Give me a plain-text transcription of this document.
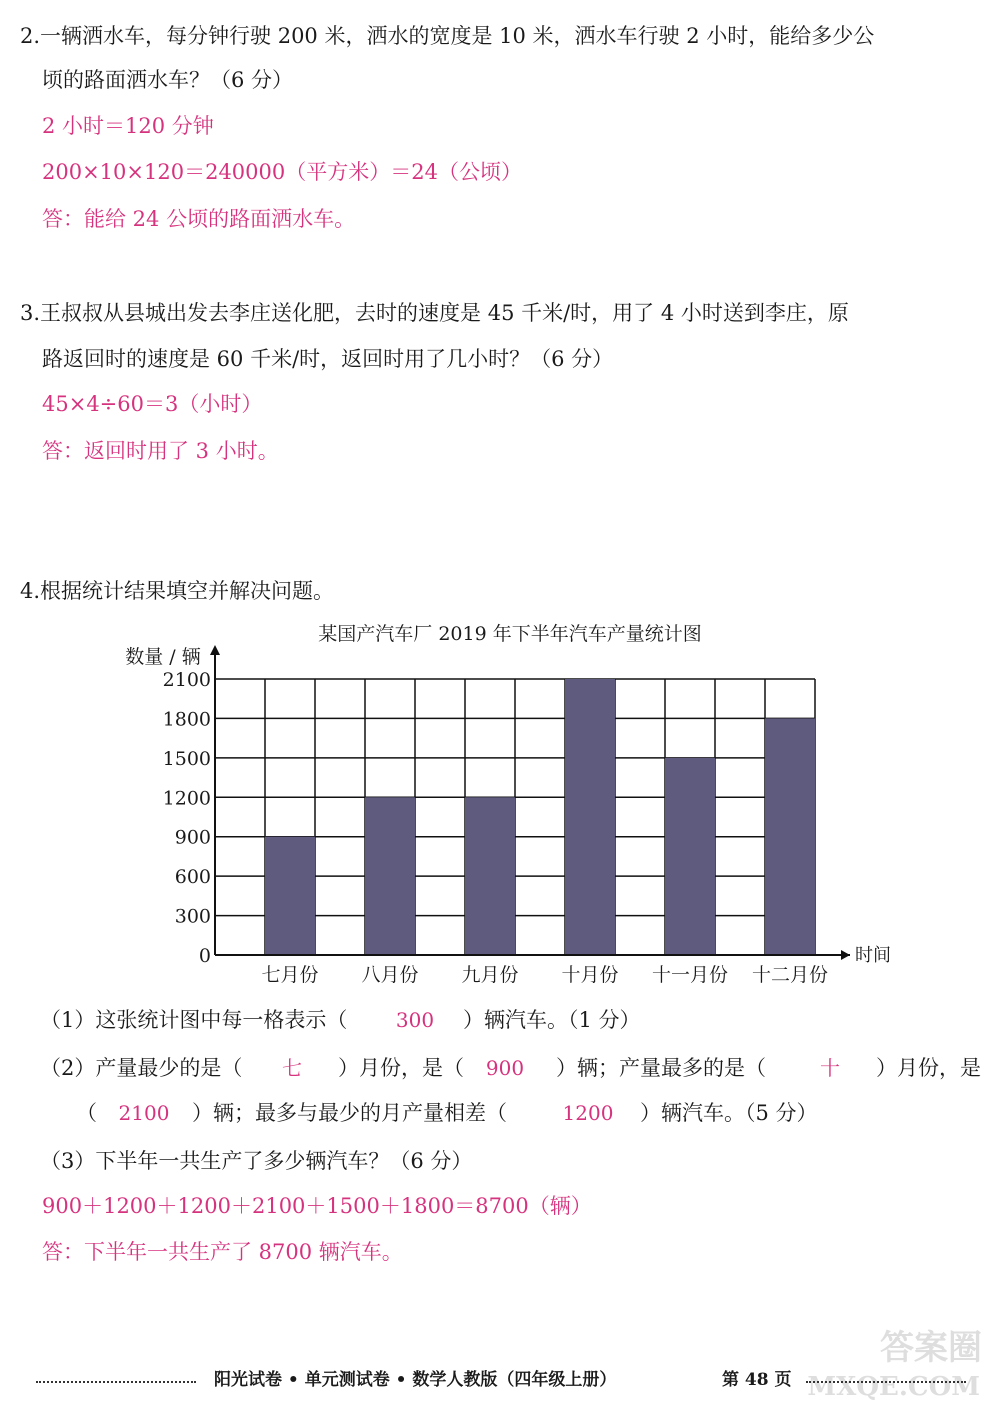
2.一辆洒水车，每分钟行驶 200 米，洒水的宽度是 10 米，洒水车行驶 2 小时，能给多少公
顷的路面洒水车？（6 分）
2 小时＝120 分钟
200×10×120＝240000（平方米）＝24（公顷）
答：能给 24 公顷的路面洒水车。
3.王叔叔从县城出发去李庄送化肥，去时的速度是 45 千米/时，用了 4 小时送到李庄，原
路返回时的速度是 60 千米/时，返回时用了几小时？（6 分）
45×4÷60＝3（小时）
答：返回时用了 3 小时。
4.根据统计结果填空并解决问题。
某国产汽车厂 2019 年下半年汽车产量统计图
数量 / 辆
时间
0
300
600
900
1200
1500
1800
2100
七月份 八月份 九月份 十月份 十一月份 十二月份
（1）这张统计图中每一格表示（	300	）辆汽车。（1 分）
（2）产量最少的是（	七	）月份，是（	900	）辆；产量最多的是（	十	）月份，是
（	2100	）辆；最多与最少的月产量相差（	1200	）辆汽车。（5 分）
（3）下半年一共生产了多少辆汽车？（6 分）
900＋1200＋1200＋2100＋1500＋1800＝8700（辆）
答：下半年一共生产了 8700 辆汽车。
答案圈
MXQE.COM
阳光试卷 • 单元测试卷 • 数学人教版（四年级上册）	第 48 页
